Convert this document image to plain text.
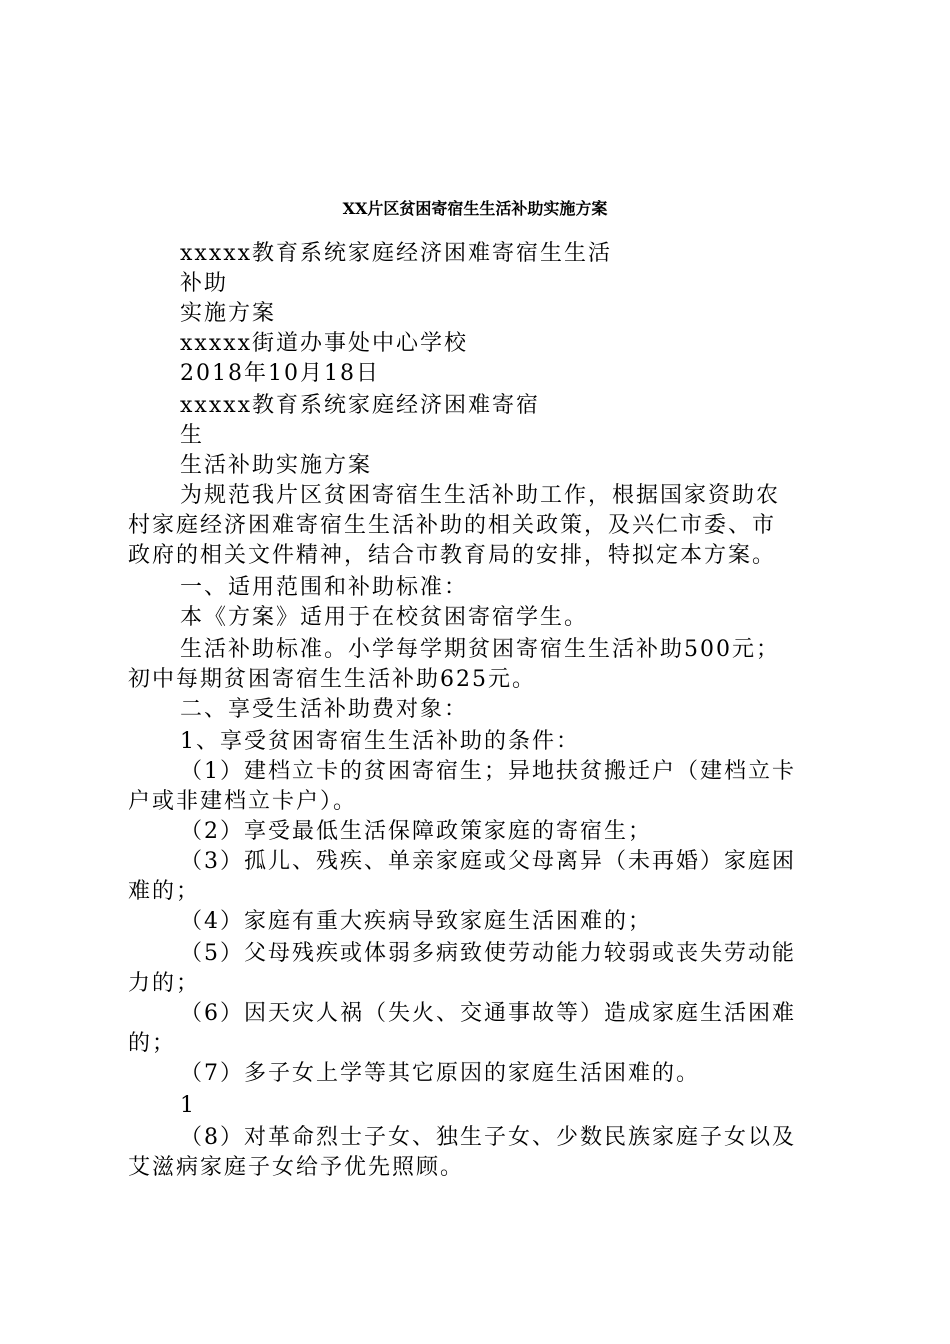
XX片区贫困寄宿生生活补助实施方案
xxxxx教育系统家庭经济困难寄宿生生活
补助
实施方案
xxxxx街道办事处中心学校
2018年10月18日
xxxxx教育系统家庭经济困难寄宿
生
生活补助实施方案
为规范我片区贫困寄宿生生活补助工作，根据国家资助农
村家庭经济困难寄宿生生活补助的相关政策，及兴仁市委、市
政府的相关文件精神，结合市教育局的安排，特拟定本方案。
一、适用范围和补助标准：
本《方案》适用于在校贫困寄宿学生。
生活补助标准。小学每学期贫困寄宿生生活补助500元；
初中每期贫困寄宿生生活补助625元。
二、享受生活补助费对象：
1、享受贫困寄宿生生活补助的条件：
（1）建档立卡的贫困寄宿生；异地扶贫搬迁户（建档立卡
户或非建档立卡户）。
（2）享受最低生活保障政策家庭的寄宿生；
（3）孤儿、残疾、单亲家庭或父母离异（未再婚）家庭困
难的；
（4）家庭有重大疾病导致家庭生活困难的；
（5）父母残疾或体弱多病致使劳动能力较弱或丧失劳动能
力的；
（6）因天灾人祸（失火、交通事故等）造成家庭生活困难
的；
（7）多子女上学等其它原因的家庭生活困难的。
1
（8）对革命烈士子女、独生子女、少数民族家庭子女以及
艾滋病家庭子女给予优先照顾。
